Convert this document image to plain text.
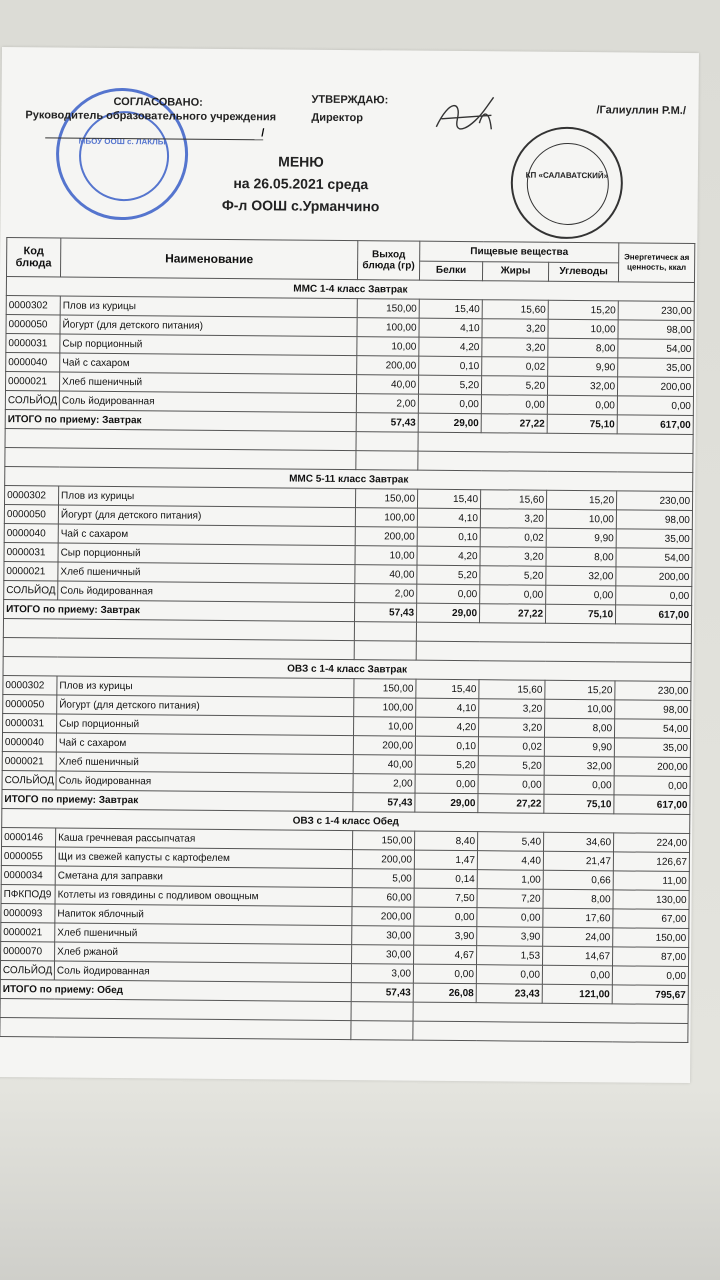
МБОУ ООШ с. ЛАКЛЫ
СОГЛАСОВАНО:
Руководитель образовательного учреждения
/
УТВЕРЖДАЮ:
Директор
/Галиуллин Р.М./
КП «САЛАВАТСКИЙ»
МЕНЮ
на 26.05.2021 среда
Ф-л ООШ с.Урманчино
Код блюда	Наименование	Выход блюда (гр)	Пищевые вещества			Энергетическ ая ценность, ккал
			Белки	Жиры	Углеводы	
ММС 1-4 класс Завтрак						
0000302	Плов из курицы	150,00	15,40	15,60	15,20	230,00
0000050	Йогурт (для детского питания)	100,00	4,10	3,20	10,00	98,00
0000031	Сыр порционный	10,00	4,20	3,20	8,00	54,00
0000040	Чай с сахаром	200,00	0,10	0,02	9,90	35,00
0000021	Хлеб пшеничный	40,00	5,20	5,20	32,00	200,00
СОЛЬЙОД	Соль йодированная	2,00	0,00	0,00	0,00	0,00
ИТОГО по приему: Завтрак		57,43	29,00	27,22	75,10	617,00

ММС 5-11 класс Завтрак						
0000302	Плов из курицы	150,00	15,40	15,60	15,20	230,00
0000050	Йогурт (для детского питания)	100,00	4,10	3,20	10,00	98,00
0000040	Чай с сахаром	200,00	0,10	0,02	9,90	35,00
0000031	Сыр порционный	10,00	4,20	3,20	8,00	54,00
0000021	Хлеб пшеничный	40,00	5,20	5,20	32,00	200,00
СОЛЬЙОД	Соль йодированная	2,00	0,00	0,00	0,00	0,00
ИТОГО по приему: Завтрак		57,43	29,00	27,22	75,10	617,00

ОВЗ с 1-4 класс Завтрак						
0000302	Плов из курицы	150,00	15,40	15,60	15,20	230,00
0000050	Йогурт (для детского питания)	100,00	4,10	3,20	10,00	98,00
0000031	Сыр порционный	10,00	4,20	3,20	8,00	54,00
0000040	Чай с сахаром	200,00	0,10	0,02	9,90	35,00
0000021	Хлеб пшеничный	40,00	5,20	5,20	32,00	200,00
СОЛЬЙОД	Соль йодированная	2,00	0,00	0,00	0,00	0,00
ИТОГО по приему: Завтрак		57,43	29,00	27,22	75,10	617,00
ОВЗ с 1-4 класс Обед						
0000146	Каша гречневая рассыпчатая	150,00	8,40	5,40	34,60	224,00
0000055	Щи из свежей капусты с картофелем	200,00	1,47	4,40	21,47	126,67
0000034	Сметана для заправки	5,00	0,14	1,00	0,66	11,00
ПФКПОД9	Котлеты из говядины с подливом овощным	60,00	7,50	7,20	8,00	130,00
0000093	Напиток яблочный	200,00	0,00	0,00	17,60	67,00
0000021	Хлеб пшеничный	30,00	3,90	3,90	24,00	150,00
0000070	Хлеб ржаной	30,00	4,67	1,53	14,67	87,00
СОЛЬЙОД	Соль йодированная	3,00	0,00	0,00	0,00	0,00
ИТОГО по приему: Обед		57,43	26,08	23,43	121,00	795,67
